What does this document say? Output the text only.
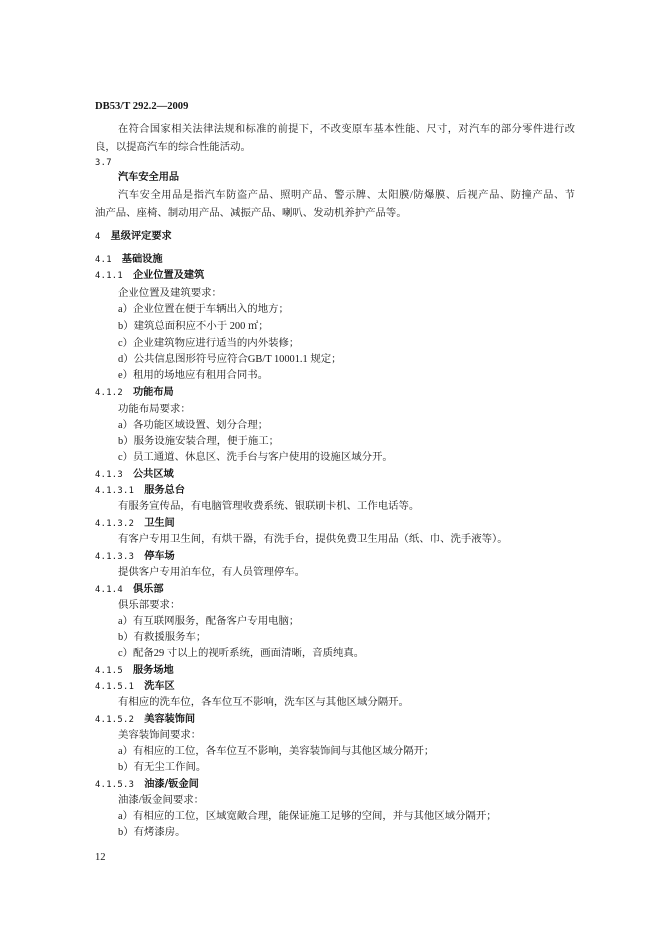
DB53/T 292.2—2009
在符合国家相关法律法规和标准的前提下，不改变原车基本性能、尺寸，对汽车的部分零件进行改
良，以提高汽车的综合性能活动。
3.7
汽车安全用品
汽车安全用品是指汽车防盗产品、照明产品、警示牌、太阳膜/防爆膜、后视产品、防撞产品、节
油产品、座椅、制动用产品、减振产品、喇叭、发动机养护产品等。
4 星级评定要求
4.1 基础设施
4.1.1 企业位置及建筑
企业位置及建筑要求：
a）企业位置在便于车辆出入的地方；
b）建筑总面积应不小于 200 ㎡；
c）企业建筑物应进行适当的内外装修；
d）公共信息图形符号应符合GB/T 10001.1 规定；
e）租用的场地应有租用合同书。
4.1.2 功能布局
功能布局要求：
a）各功能区域设置、划分合理；
b）服务设施安装合理，便于施工；
c）员工通道、休息区、洗手台与客户使用的设施区域分开。
4.1.3 公共区域
4.1.3.1 服务总台
有服务宣传品，有电脑管理收费系统、银联刷卡机、工作电话等。
4.1.3.2 卫生间
有客户专用卫生间，有烘干器，有洗手台，提供免费卫生用品（纸、巾、洗手液等）。
4.1.3.3 停车场
提供客户专用泊车位，有人员管理停车。
4.1.4 俱乐部
俱乐部要求：
a）有互联网服务，配备客户专用电脑；
b）有救援服务车；
c）配备29 寸以上的视听系统，画面清晰，音质纯真。
4.1.5 服务场地
4.1.5.1 洗车区
有相应的洗车位，各车位互不影响，洗车区与其他区域分隔开。
4.1.5.2 美容装饰间
美容装饰间要求：
a）有相应的工位，各车位互不影响，美容装饰间与其他区域分隔开；
b）有无尘工作间。
4.1.5.3 油漆/钣金间
油漆/钣金间要求：
a）有相应的工位，区域宽敞合理，能保证施工足够的空间，并与其他区域分隔开；
b）有烤漆房。
12
